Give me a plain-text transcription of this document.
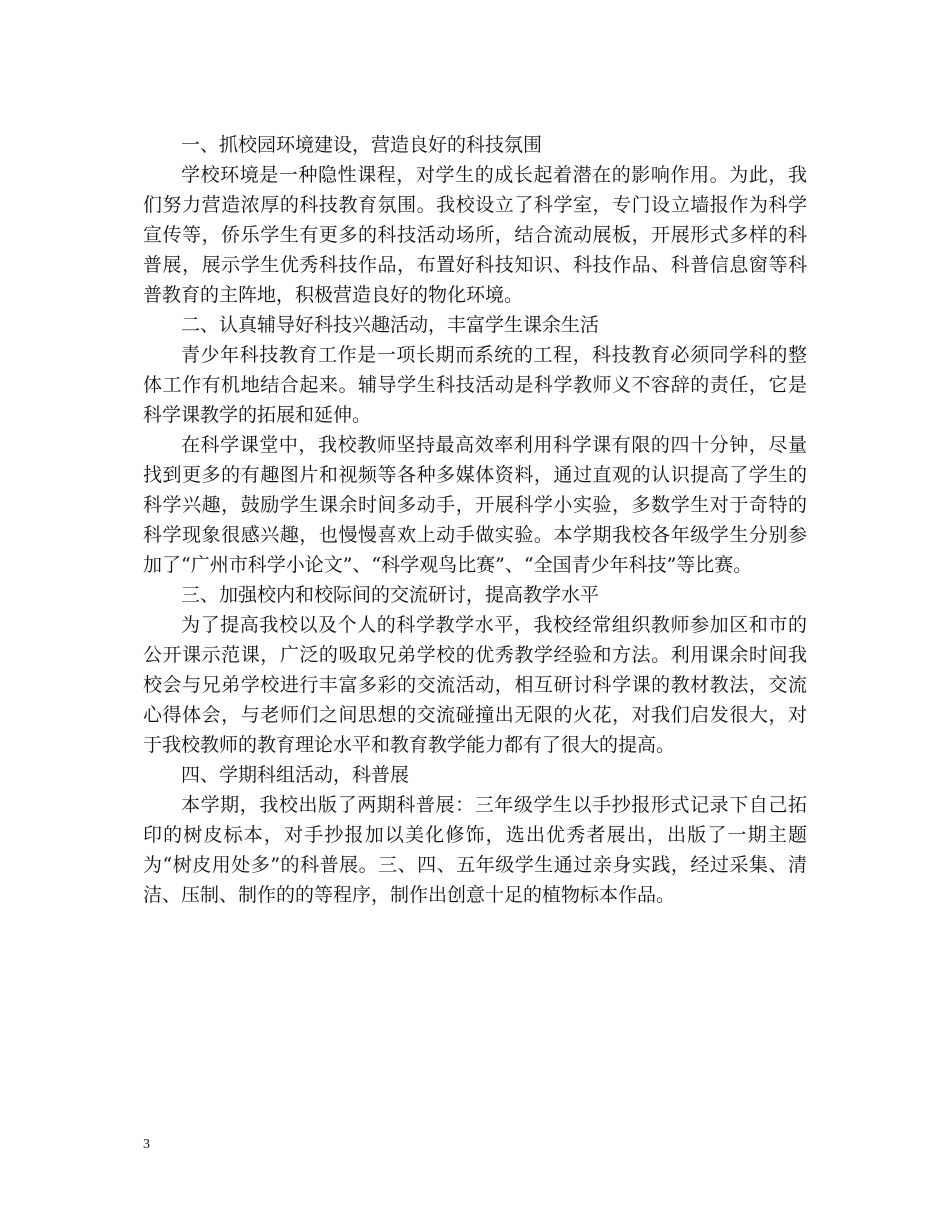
一、抓校园环境建设，营造良好的科技氛围

学校环境是一种隐性课程，对学生的成长起着潜在的影响作用。为此，我们努力营造浓厚的科技教育氛围。我校设立了科学室，专门设立墙报作为科学宣传等，侨乐学生有更多的科技活动场所，结合流动展板，开展形式多样的科普展，展示学生优秀科技作品，布置好科技知识、科技作品、科普信息窗等科普教育的主阵地，积极营造良好的物化环境。

二、认真辅导好科技兴趣活动，丰富学生课余生活

青少年科技教育工作是一项长期而系统的工程，科技教育必须同学科的整体工作有机地结合起来。辅导学生科技活动是科学教师义不容辞的责任，它是科学课教学的拓展和延伸。

在科学课堂中，我校教师坚持最高效率利用科学课有限的四十分钟，尽量找到更多的有趣图片和视频等各种多媒体资料，通过直观的认识提高了学生的科学兴趣，鼓励学生课余时间多动手，开展科学小实验，多数学生对于奇特的科学现象很感兴趣，也慢慢喜欢上动手做实验。本学期我校各年级学生分别参加了“广州市科学小论文”、“科学观鸟比赛”、“全国青少年科技”等比赛。

三、加强校内和校际间的交流研讨，提高教学水平

为了提高我校以及个人的科学教学水平，我校经常组织教师参加区和市的公开课示范课，广泛的吸取兄弟学校的优秀教学经验和方法。利用课余时间我校会与兄弟学校进行丰富多彩的交流活动，相互研讨科学课的教材教法，交流心得体会，与老师们之间思想的交流碰撞出无限的火花，对我们启发很大，对于我校教师的教育理论水平和教育教学能力都有了很大的提高。

四、学期科组活动，科普展

本学期，我校出版了两期科普展：三年级学生以手抄报形式记录下自己拓印的树皮标本，对手抄报加以美化修饰，选出优秀者展出，出版了一期主题为“树皮用处多”的科普展。三、四、五年级学生通过亲身实践，经过采集、清洁、压制、制作的的等程序，制作出创意十足的植物标本作品。

3
